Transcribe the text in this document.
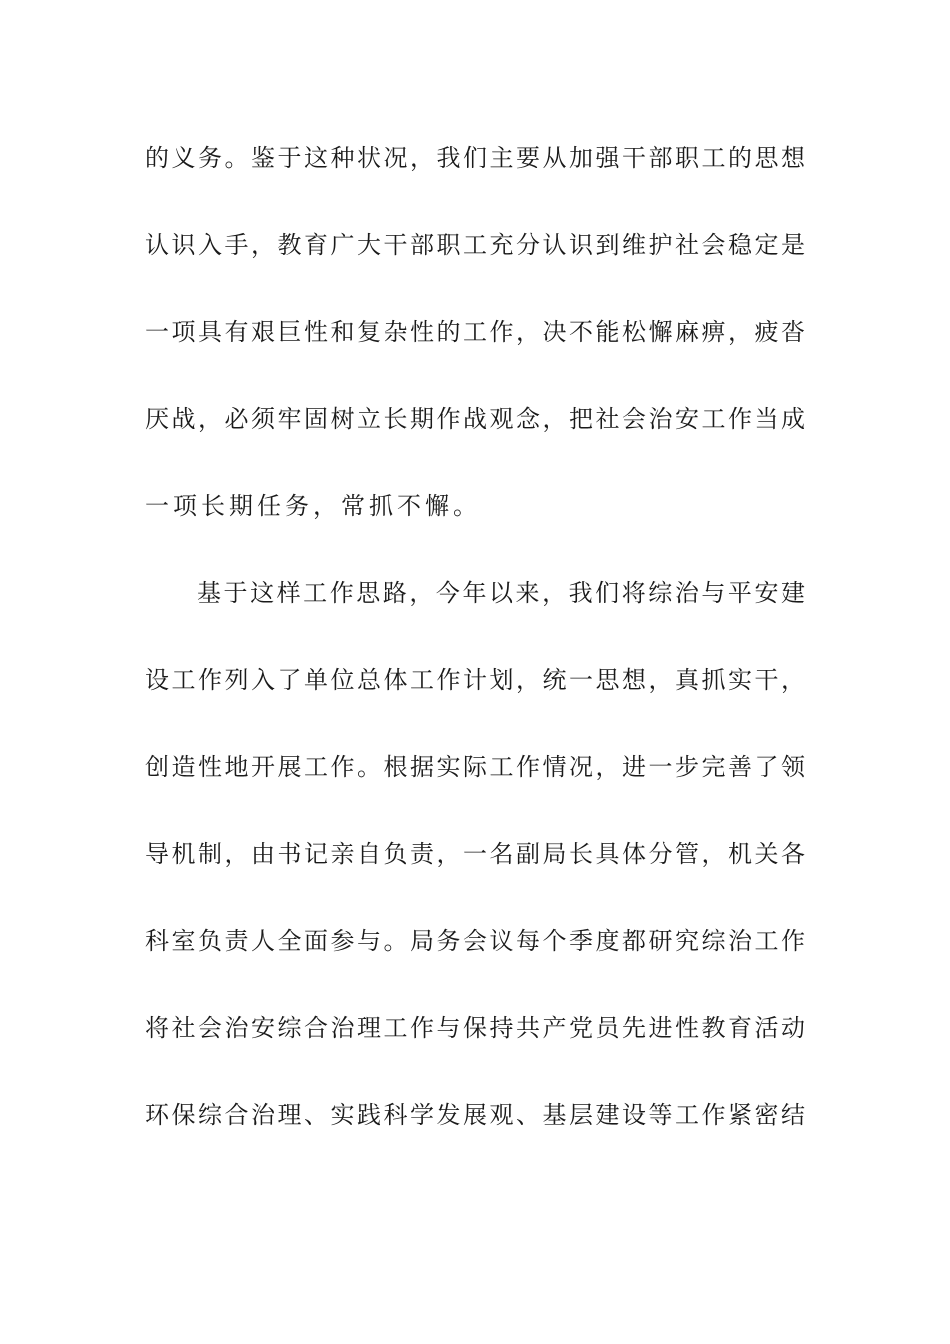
的义务。鉴于这种状况，我们主要从加强干部职工的思想
认识入手，教育广大干部职工充分认识到维护社会稳定是
一项具有艰巨性和复杂性的工作，决不能松懈麻痹，疲沓
厌战，必须牢固树立长期作战观念，把社会治安工作当成
一项长期任务，常抓不懈。
基于这样工作思路，今年以来，我们将综治与平安建
设工作列入了单位总体工作计划，统一思想，真抓实干，
创造性地开展工作。根据实际工作情况，进一步完善了领
导机制，由书记亲自负责，一名副局长具体分管，机关各
科室负责人全面参与。局务会议每个季度都研究综治工作
将社会治安综合治理工作与保持共产党员先进性教育活动
环保综合治理、实践科学发展观、基层建设等工作紧密结
